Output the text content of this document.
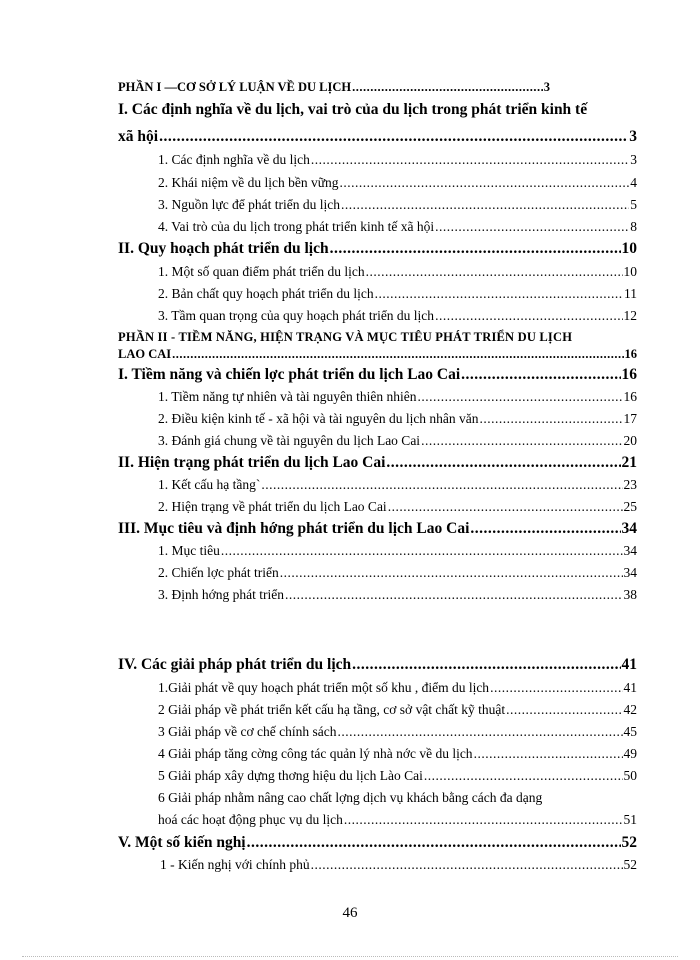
PHẦN I —CƠ SỞ LÝ LUẬN VỀ DU LỊCH .....	3
I. Các định nghĩa về du lịch, vai trò của du lịch trong phát triển kinh tế
xã hội .....	3
1. Các định nghĩa về du lịch .....	3
2. Khái niệm về du lịch bền vững .....	4
3. Nguồn lực để phát triển du lịch .....	5
4. Vai trò của du lịch trong phát triển kinh tế xã hội .....	8
II. Quy hoạch phát triển du lịch .....	10
1. Một số quan điểm phát triển du lịch .....	10
2. Bản chất quy hoạch phát triển du lịch .....	11
3. Tầm quan trọng của quy hoạch phát triển du lịch .....	12
PHẦN II - TIỀM NĂNG, HIỆN TRẠNG VÀ MỤC TIÊU PHÁT TRIỂN DU LỊCH
LAO CAI .....	16
I. Tiềm năng và chiến lợc phát triển du lịch Lao Cai .....	16
1. Tiềm năng tự nhiên và tài nguyên thiên nhiên .....	16
2. Điều kiện kinh tế - xã hội và tài nguyên du lịch nhân văn .....	17
3. Đánh giá chung về tài nguyên du lịch Lao Cai .....	20
II. Hiện trạng phát triển du lịch Lao Cai .....	21
1. Kết cấu hạ tầng` .....	23
2. Hiện trạng về phát triển du lịch Lao Cai .....	25
III. Mục tiêu và định hớng phát triển du lịch Lao Cai .....	34
1. Mục tiêu .....	34
2. Chiến lợc phát triển .....	34
3. Định hớng phát triển .....	38
IV. Các giải pháp phát triển du lịch .....	41
1.Giải phát về quy hoạch phát triển một số khu , điểm du lịch .....	41
2 Giải pháp về phát triển kết cấu hạ tầng, cơ sở vật chất kỹ thuật .....	42
3 Giải pháp về cơ chế chính sách .....	45
4 Giải pháp tăng cờng công tác quản lý nhà nớc về du lịch .....	49
5 Giải pháp xây dựng thơng hiệu du lịch Lào Cai .....	50
6 Giải pháp nhằm nâng cao chất lợng dịch vụ khách bằng cách đa dạng
hoá các hoạt động phục vụ du lịch .....	51
V. Một số kiến nghị .....	52
1 - Kiến nghị với chính phủ .....	52
46
